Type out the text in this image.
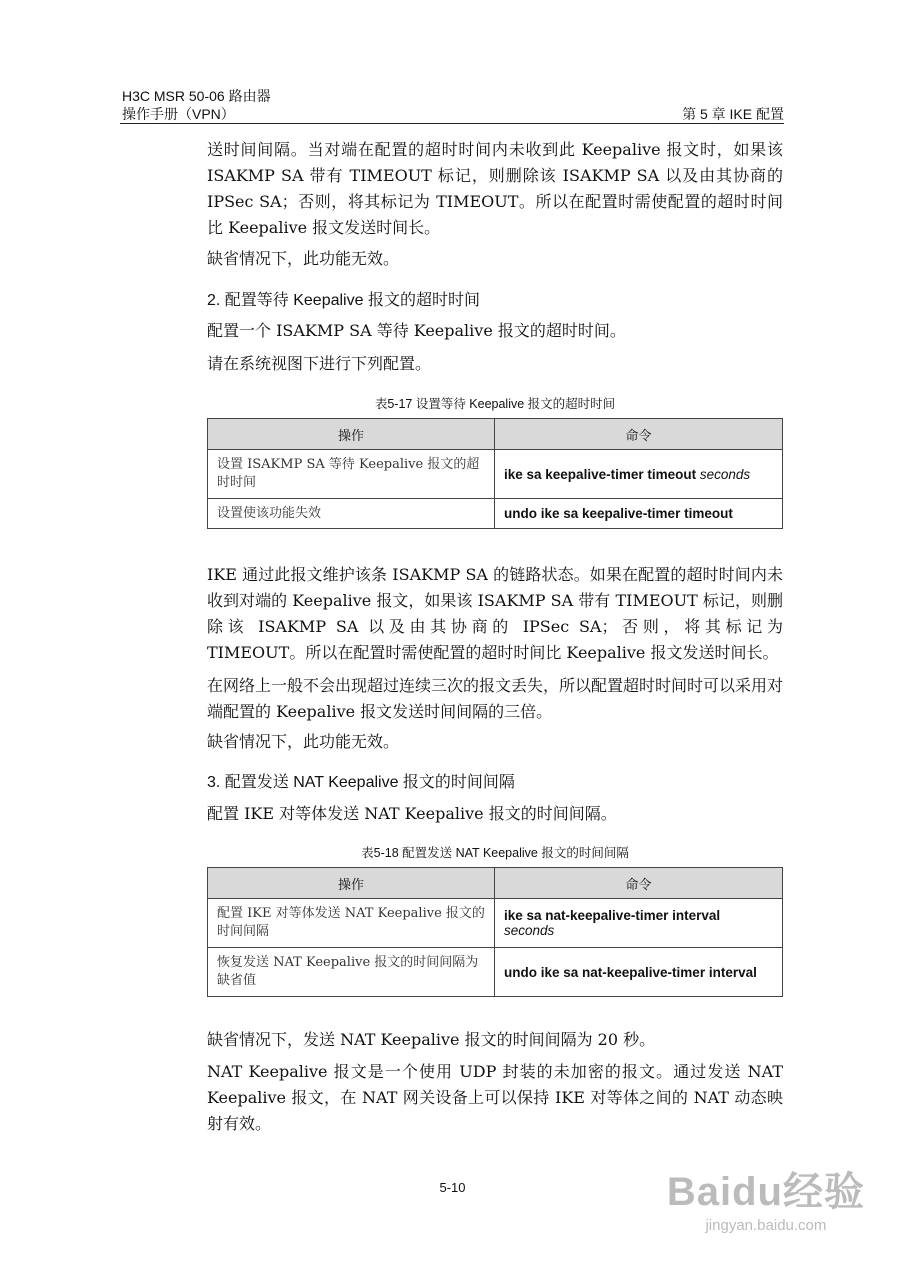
H3C MSR 50-06 路由器
操作手册（VPN）	第 5 章 IKE 配置
送时间间隔。当对端在配置的超时时间内未收到此 Keepalive 报文时，如果该 ISAKMP SA 带有 TIMEOUT 标记，则删除该 ISAKMP SA 以及由其协商的 IPSec SA；否则，将其标记为 TIMEOUT。所以在配置时需使配置的超时时间比 Keepalive 报文发送时间长。
缺省情况下，此功能无效。
2. 配置等待 Keepalive 报文的超时时间
配置一个 ISAKMP SA 等待 Keepalive 报文的超时时间。
请在系统视图下进行下列配置。
表5-17 设置等待 Keepalive 报文的超时时间
操作	命令
设置 ISAKMP SA 等待 Keepalive 报文的超时时间	ike sa keepalive-timer timeout seconds
设置使该功能失效	undo ike sa keepalive-timer timeout
IKE 通过此报文维护该条 ISAKMP SA 的链路状态。如果在配置的超时时间内未收到对端的 Keepalive 报文，如果该 ISAKMP SA 带有 TIMEOUT 标记，则删除该 ISAKMP SA 以及由其协商的 IPSec SA；否则，将其标记为 TIMEOUT。所以在配置时需使配置的超时时间比 Keepalive 报文发送时间长。
在网络上一般不会出现超过连续三次的报文丢失，所以配置超时时间时可以采用对端配置的 Keepalive 报文发送时间间隔的三倍。
缺省情况下，此功能无效。
3. 配置发送 NAT Keepalive 报文的时间间隔
配置 IKE 对等体发送 NAT Keepalive 报文的时间间隔。
表5-18 配置发送 NAT Keepalive 报文的时间间隔
操作	命令
配置 IKE 对等体发送 NAT Keepalive 报文的时间间隔	ike sa nat-keepalive-timer interval seconds
恢复发送 NAT Keepalive 报文的时间间隔为缺省值	undo ike sa nat-keepalive-timer interval
缺省情况下，发送 NAT Keepalive 报文的时间间隔为 20 秒。
NAT Keepalive 报文是一个使用 UDP 封装的未加密的报文。通过发送 NAT Keepalive 报文，在 NAT 网关设备上可以保持 IKE 对等体之间的 NAT 动态映射有效。
5-10	Baidu经验
jingyan.baidu.com
